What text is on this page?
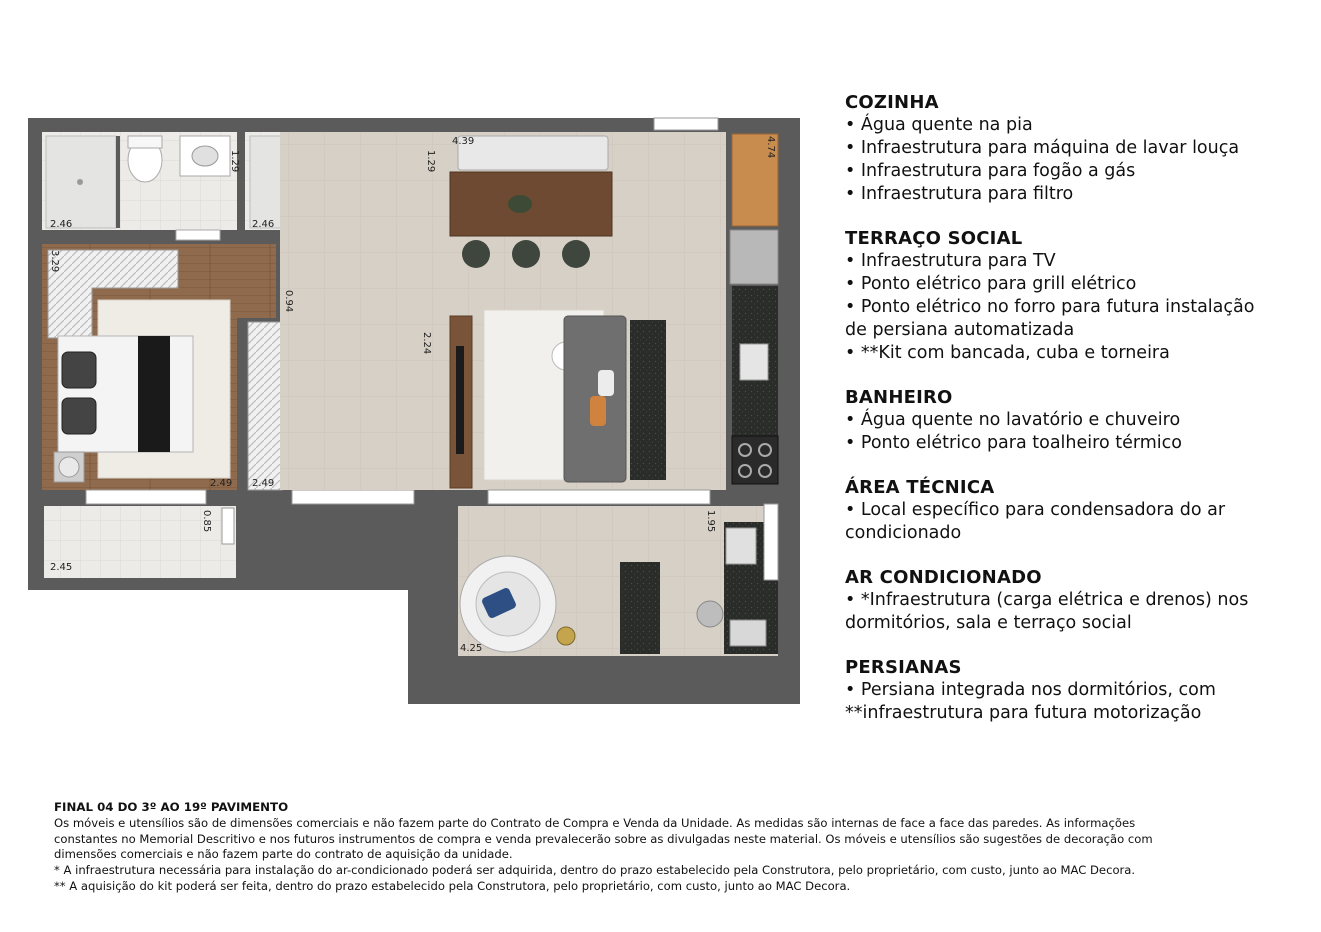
1.29	1.29
4.39	4.74
2.46	2.46
3.29
0.94
2.24
2.49 2.49
0.85	1.95
2.45
4.25
COZINHA
• Água quente na pia
• Infraestrutura para máquina de lavar louça
• Infraestrutura para fogão a gás
• Infraestrutura para filtro
TERRAÇO SOCIAL
• Infraestrutura para TV
• Ponto elétrico para grill elétrico
• Ponto elétrico no forro para futura instalação
de persiana automatizada
• **Kit com bancada, cuba e torneira
BANHEIRO
• Água quente no lavatório e chuveiro
• Ponto elétrico para toalheiro térmico
ÁREA TÉCNICA
• Local específico para condensadora do ar
condicionado
AR CONDICIONADO
• *Infraestrutura (carga elétrica e drenos) nos
dormitórios, sala e terraço social
PERSIANAS
• Persiana integrada nos dormitórios, com
**infraestrutura para futura motorização
FINAL 04 DO 3º AO 19º PAVIMENTO
Os móveis e utensílios são de dimensões comerciais e não fazem parte do Contrato de Compra e Venda da Unidade. As medidas são internas de face a face das paredes. As informações
constantes no Memorial Descritivo e nos futuros instrumentos de compra e venda prevalecerão sobre as divulgadas neste material. Os móveis e utensílios são sugestões de decoração com
dimensões comerciais e não fazem parte do contrato de aquisição da unidade.
* A infraestrutura necessária para instalação do ar-condicionado poderá ser adquirida, dentro do prazo estabelecido pela Construtora, pelo proprietário, com custo, junto ao MAC Decora.
** A aquisição do kit poderá ser feita, dentro do prazo estabelecido pela Construtora, pelo proprietário, com custo, junto ao MAC Decora.
